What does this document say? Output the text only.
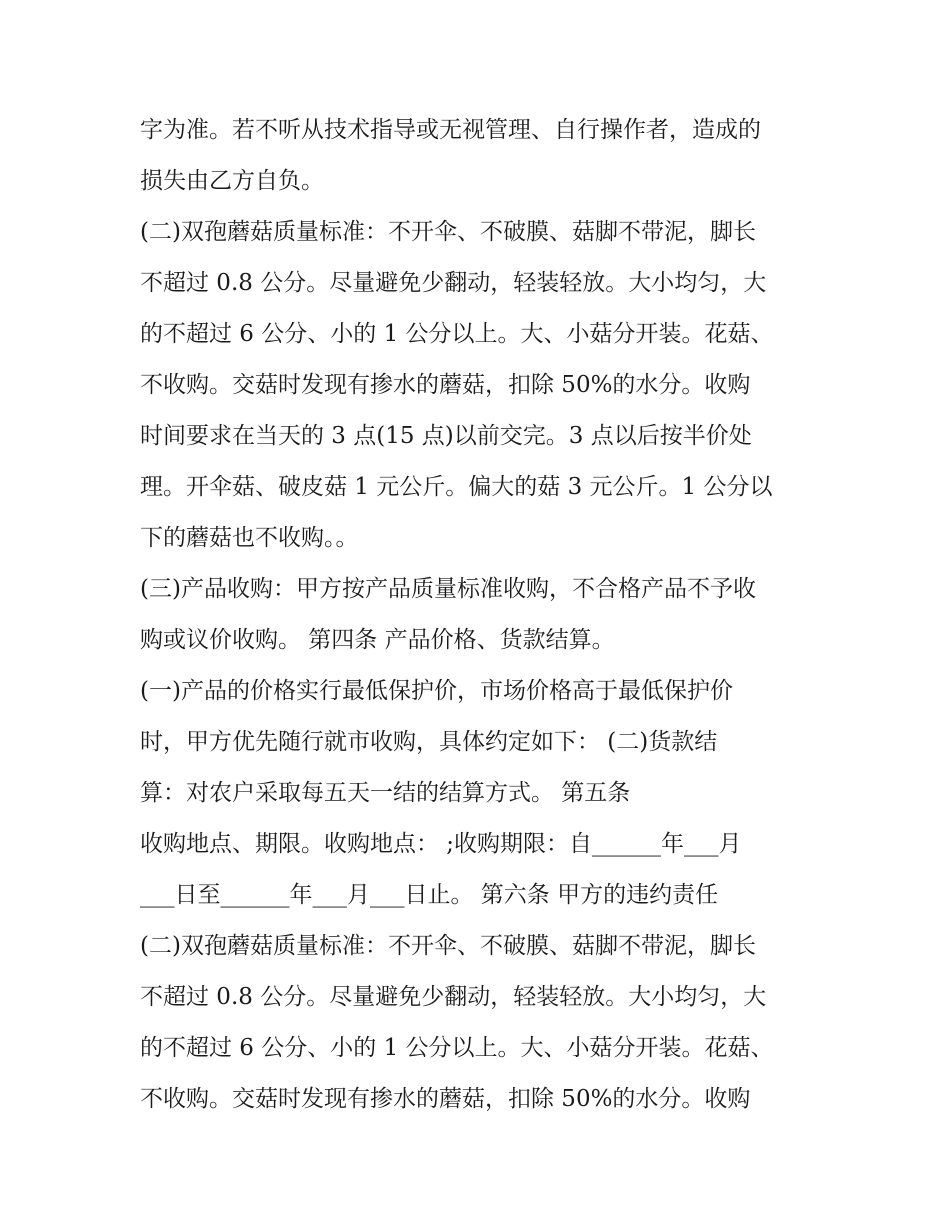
字为准。若不听从技术指导或无视管理、自行操作者，造成的
损失由乙方自负。
(二)双孢蘑菇质量标准：不开伞、不破膜、菇脚不带泥，脚长
不超过 0.8 公分。尽量避免少翻动，轻装轻放。大小均匀，大
的不超过 6 公分、小的 1 公分以上。大、小菇分开装。花菇、
不收购。交菇时发现有掺水的蘑菇，扣除 50%的水分。收购
时间要求在当天的 3 点(15 点)以前交完。3 点以后按半价处
理。开伞菇、破皮菇 1 元公斤。偏大的菇 3 元公斤。1 公分以
下的蘑菇也不收购。。
(三)产品收购：甲方按产品质量标准收购，不合格产品不予收
购或议价收购。 第四条 产品价格、货款结算。
(一)产品的价格实行最低保护价，市场价格高于最低保护价
时，甲方优先随行就市收购，具体约定如下： (二)货款结
算：对农户采取每五天一结的结算方式。 第五条
收购地点、期限。收购地点： ;收购期限：自______年___月
___日至______年___月___日止。 第六条 甲方的违约责任
(二)双孢蘑菇质量标准：不开伞、不破膜、菇脚不带泥，脚长
不超过 0.8 公分。尽量避免少翻动，轻装轻放。大小均匀，大
的不超过 6 公分、小的 1 公分以上。大、小菇分开装。花菇、
不收购。交菇时发现有掺水的蘑菇，扣除 50%的水分。收购
